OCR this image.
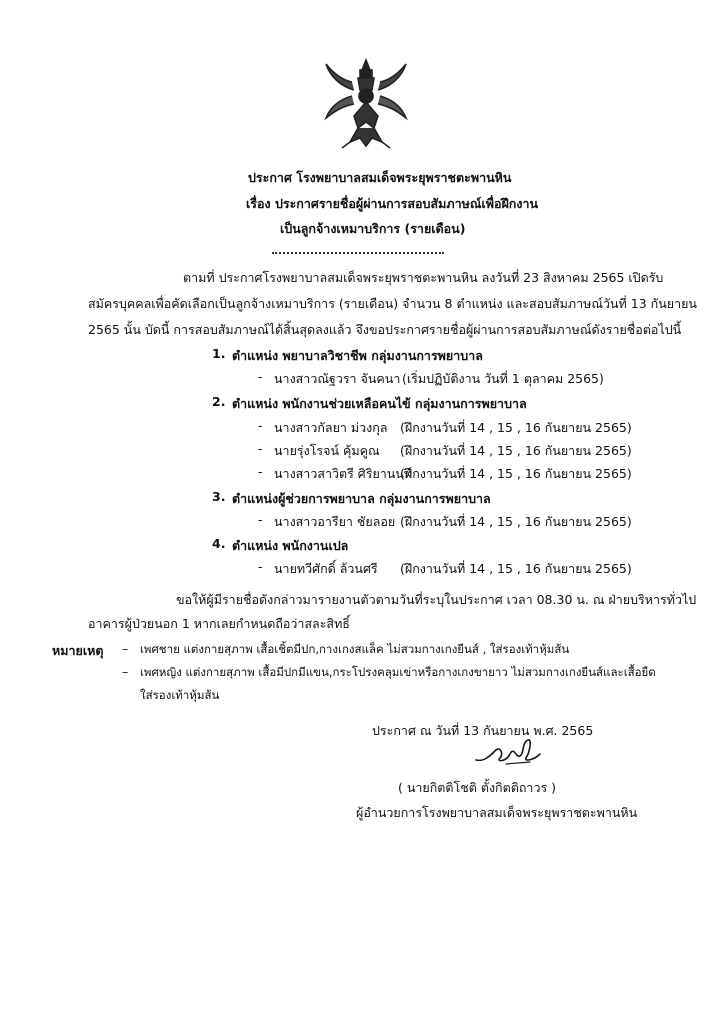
ประกาศ โรงพยาบาลสมเด็จพระยุพราชตะพานหิน
เรื่อง ประกาศรายชื่อผู้ผ่านการสอบสัมภาษณ์เพื่อฝึกงาน
เป็นลูกจ้างเหมาบริการ (รายเดือน)
ตามที่ ประกาศโรงพยาบาลสมเด็จพระยุพราชตะพานหิน ลงวันที่ 23 สิงหาคม 2565 เปิดรับ
สมัครบุคคลเพื่อคัดเลือกเป็นลูกจ้างเหมาบริการ (รายเดือน) จำนวน 8 ตำแหน่ง และสอบสัมภาษณ์วันที่ 13 กันยายน
2565 นั้น บัดนี้ การสอบสัมภาษณ์ได้สิ้นสุดลงแล้ว จึงขอประกาศรายชื่อผู้ผ่านการสอบสัมภาษณ์ดังรายชื่อต่อไปนี้
1. ตำแหน่ง พยาบาลวิชาชีพ กลุ่มงานการพยาบาล
- นางสาวณัฐวรา จันคนา (เริ่มปฏิบัติงาน วันที่ 1 ตุลาคม 2565)
2. ตำแหน่ง พนักงานช่วยเหลือคนไข้ กลุ่มงานการพยาบาล
- นางสาวกัลยา ม่วงกุล (ฝึกงานวันที่ 14 , 15 , 16 กันยายน 2565)
- นายรุ่งโรจน์ คุ้มคูณ (ฝึกงานวันที่ 14 , 15 , 16 กันยายน 2565)
- นางสาวสาวิตรี ศิริยานนท์
(ฝึกงานวันที่ 14 , 15 , 16 กันยายน 2565)
3. ตำแหน่งผู้ช่วยการพยาบาล กลุ่มงานการพยาบาล
- นางสาวอารียา ชัยลอย (ฝึกงานวันที่ 14 , 15 , 16 กันยายน 2565)
4. ตำแหน่ง พนักงานเปล
- นายทวีศักดิ์ ล้วนศรี (ฝึกงานวันที่ 14 , 15 , 16 กันยายน 2565)
ขอให้ผู้มีรายชื่อดังกล่าวมารายงานตัวตามวันที่ระบุในประกาศ เวลา 08.30 น. ณ ฝ่ายบริหารทั่วไป
อาคารผู้ป่วยนอก 1 หากเลยกำหนดถือว่าสละสิทธิ์
หมายเหตุ – เพศชาย แต่งกายสุภาพ เสื้อเชิ้ตมีปก,กางเกงสแล็ค ไม่สวมกางเกงยีนส์ , ใส่รองเท้าหุ้มส้น
– เพศหญิง แต่งกายสุภาพ เสื้อมีปกมีแขน,กระโปรงคลุมเข่าหรือกางเกงขายาว ไม่สวมกางเกงยีนส์และเสื้อยืด
ใส่รองเท้าหุ้มส้น
ประกาศ ณ วันที่ 13 กันยายน พ.ศ. 2565
( นายกิตติโชติ ตั้งกิตติถาวร )
ผู้อำนวยการโรงพยาบาลสมเด็จพระยุพราชตะพานหิน
